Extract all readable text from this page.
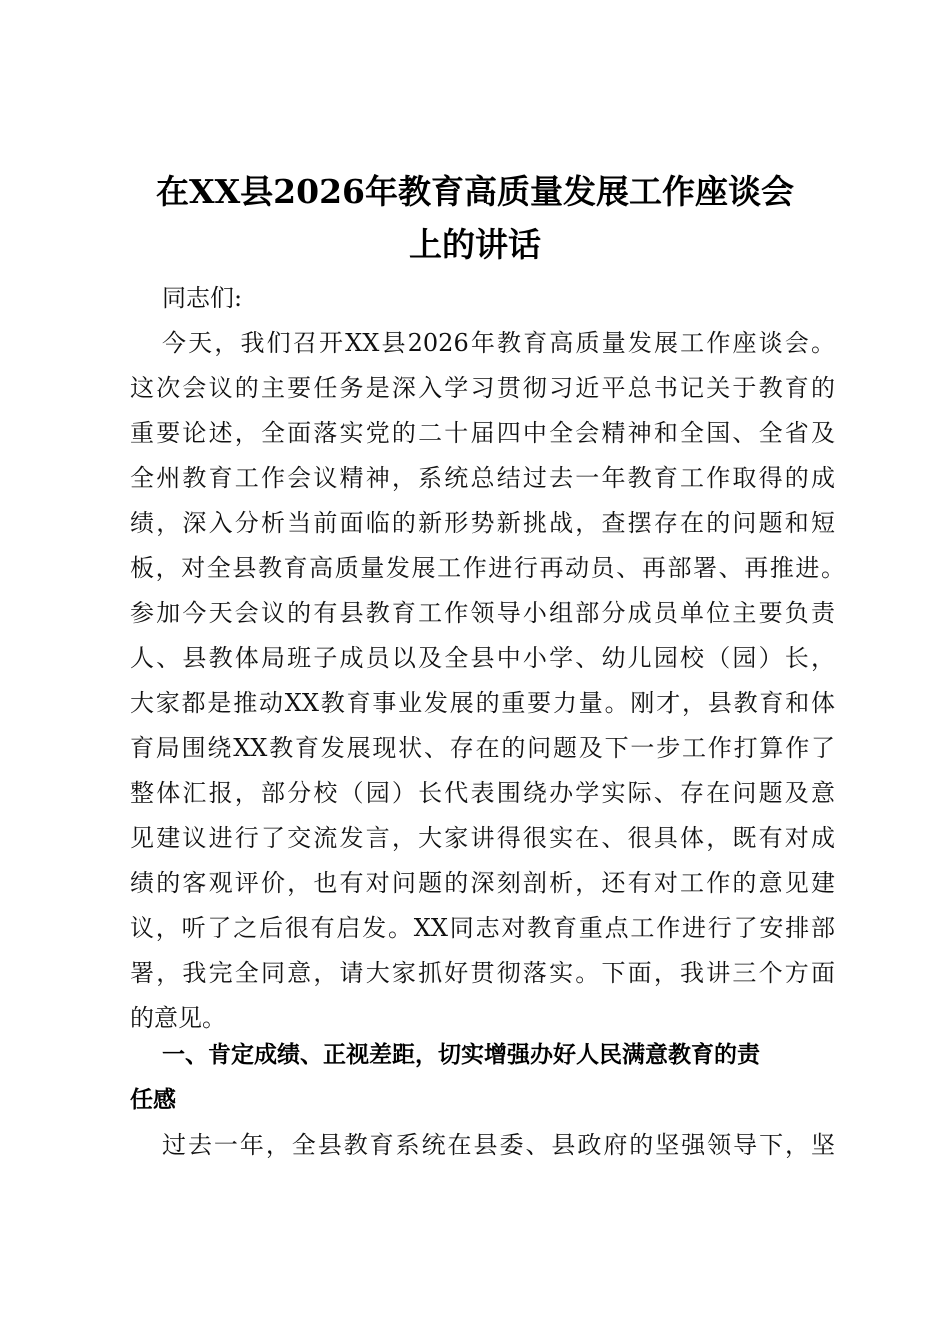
在XX县2026年教育高质量发展工作座谈会
上的讲话
同志们:
今天，我们召开XX县2026年教育高质量发展工作座谈会。
这次会议的主要任务是深入学习贯彻习近平总书记关于教育的
重要论述，全面落实党的二十届四中全会精神和全国、全省及
全州教育工作会议精神，系统总结过去一年教育工作取得的成
绩，深入分析当前面临的新形势新挑战，查摆存在的问题和短
板，对全县教育高质量发展工作进行再动员、再部署、再推进。
参加今天会议的有县教育工作领导小组部分成员单位主要负责
人、县教体局班子成员以及全县中小学、幼儿园校（园）长，
大家都是推动XX教育事业发展的重要力量。刚才，县教育和体
育局围绕XX教育发展现状、存在的问题及下一步工作打算作了
整体汇报，部分校（园）长代表围绕办学实际、存在问题及意
见建议进行了交流发言，大家讲得很实在、很具体，既有对成
绩的客观评价，也有对问题的深刻剖析，还有对工作的意见建
议，听了之后很有启发。XX同志对教育重点工作进行了安排部
署，我完全同意，请大家抓好贯彻落实。下面，我讲三个方面
的意见。
一、肯定成绩、正视差距，切实增强办好人民满意教育的责
任感
过去一年，全县教育系统在县委、县政府的坚强领导下，坚
